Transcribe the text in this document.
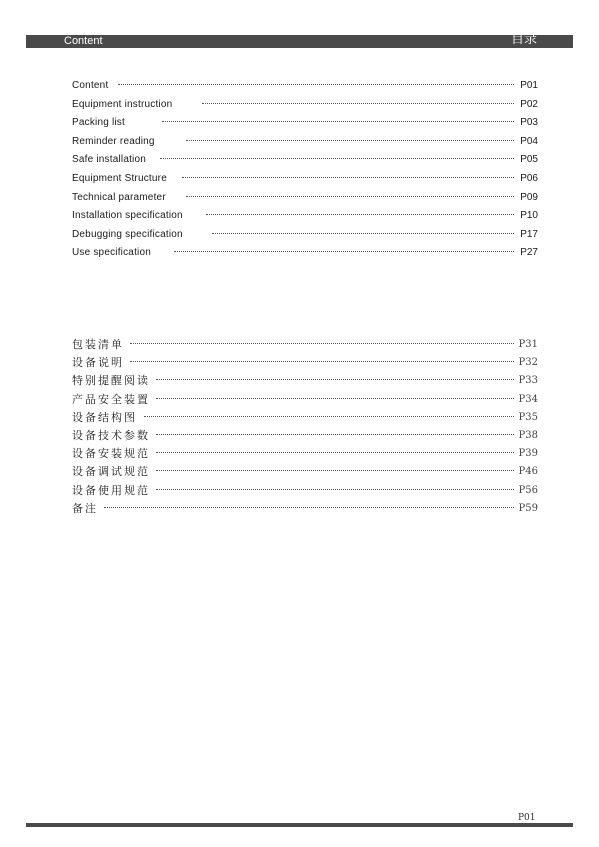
Content	目录
Content	P01
Equipment instruction	P02
Packing list	P03
Reminder reading	P04
Safe installation	P05
Equipment Structure	P06
Technical parameter	P09
Installation specification	P10
Debugging specification	P17
Use specification	P27
包装清单	P31
设备说明	P32
特别提醒阅读	P33
产品安全装置	P34
设备结构图	P35
设备技术参数	P38
设备安装规范	P39
设备调试规范	P46
设备使用规范	P56
备注	P59
P01
